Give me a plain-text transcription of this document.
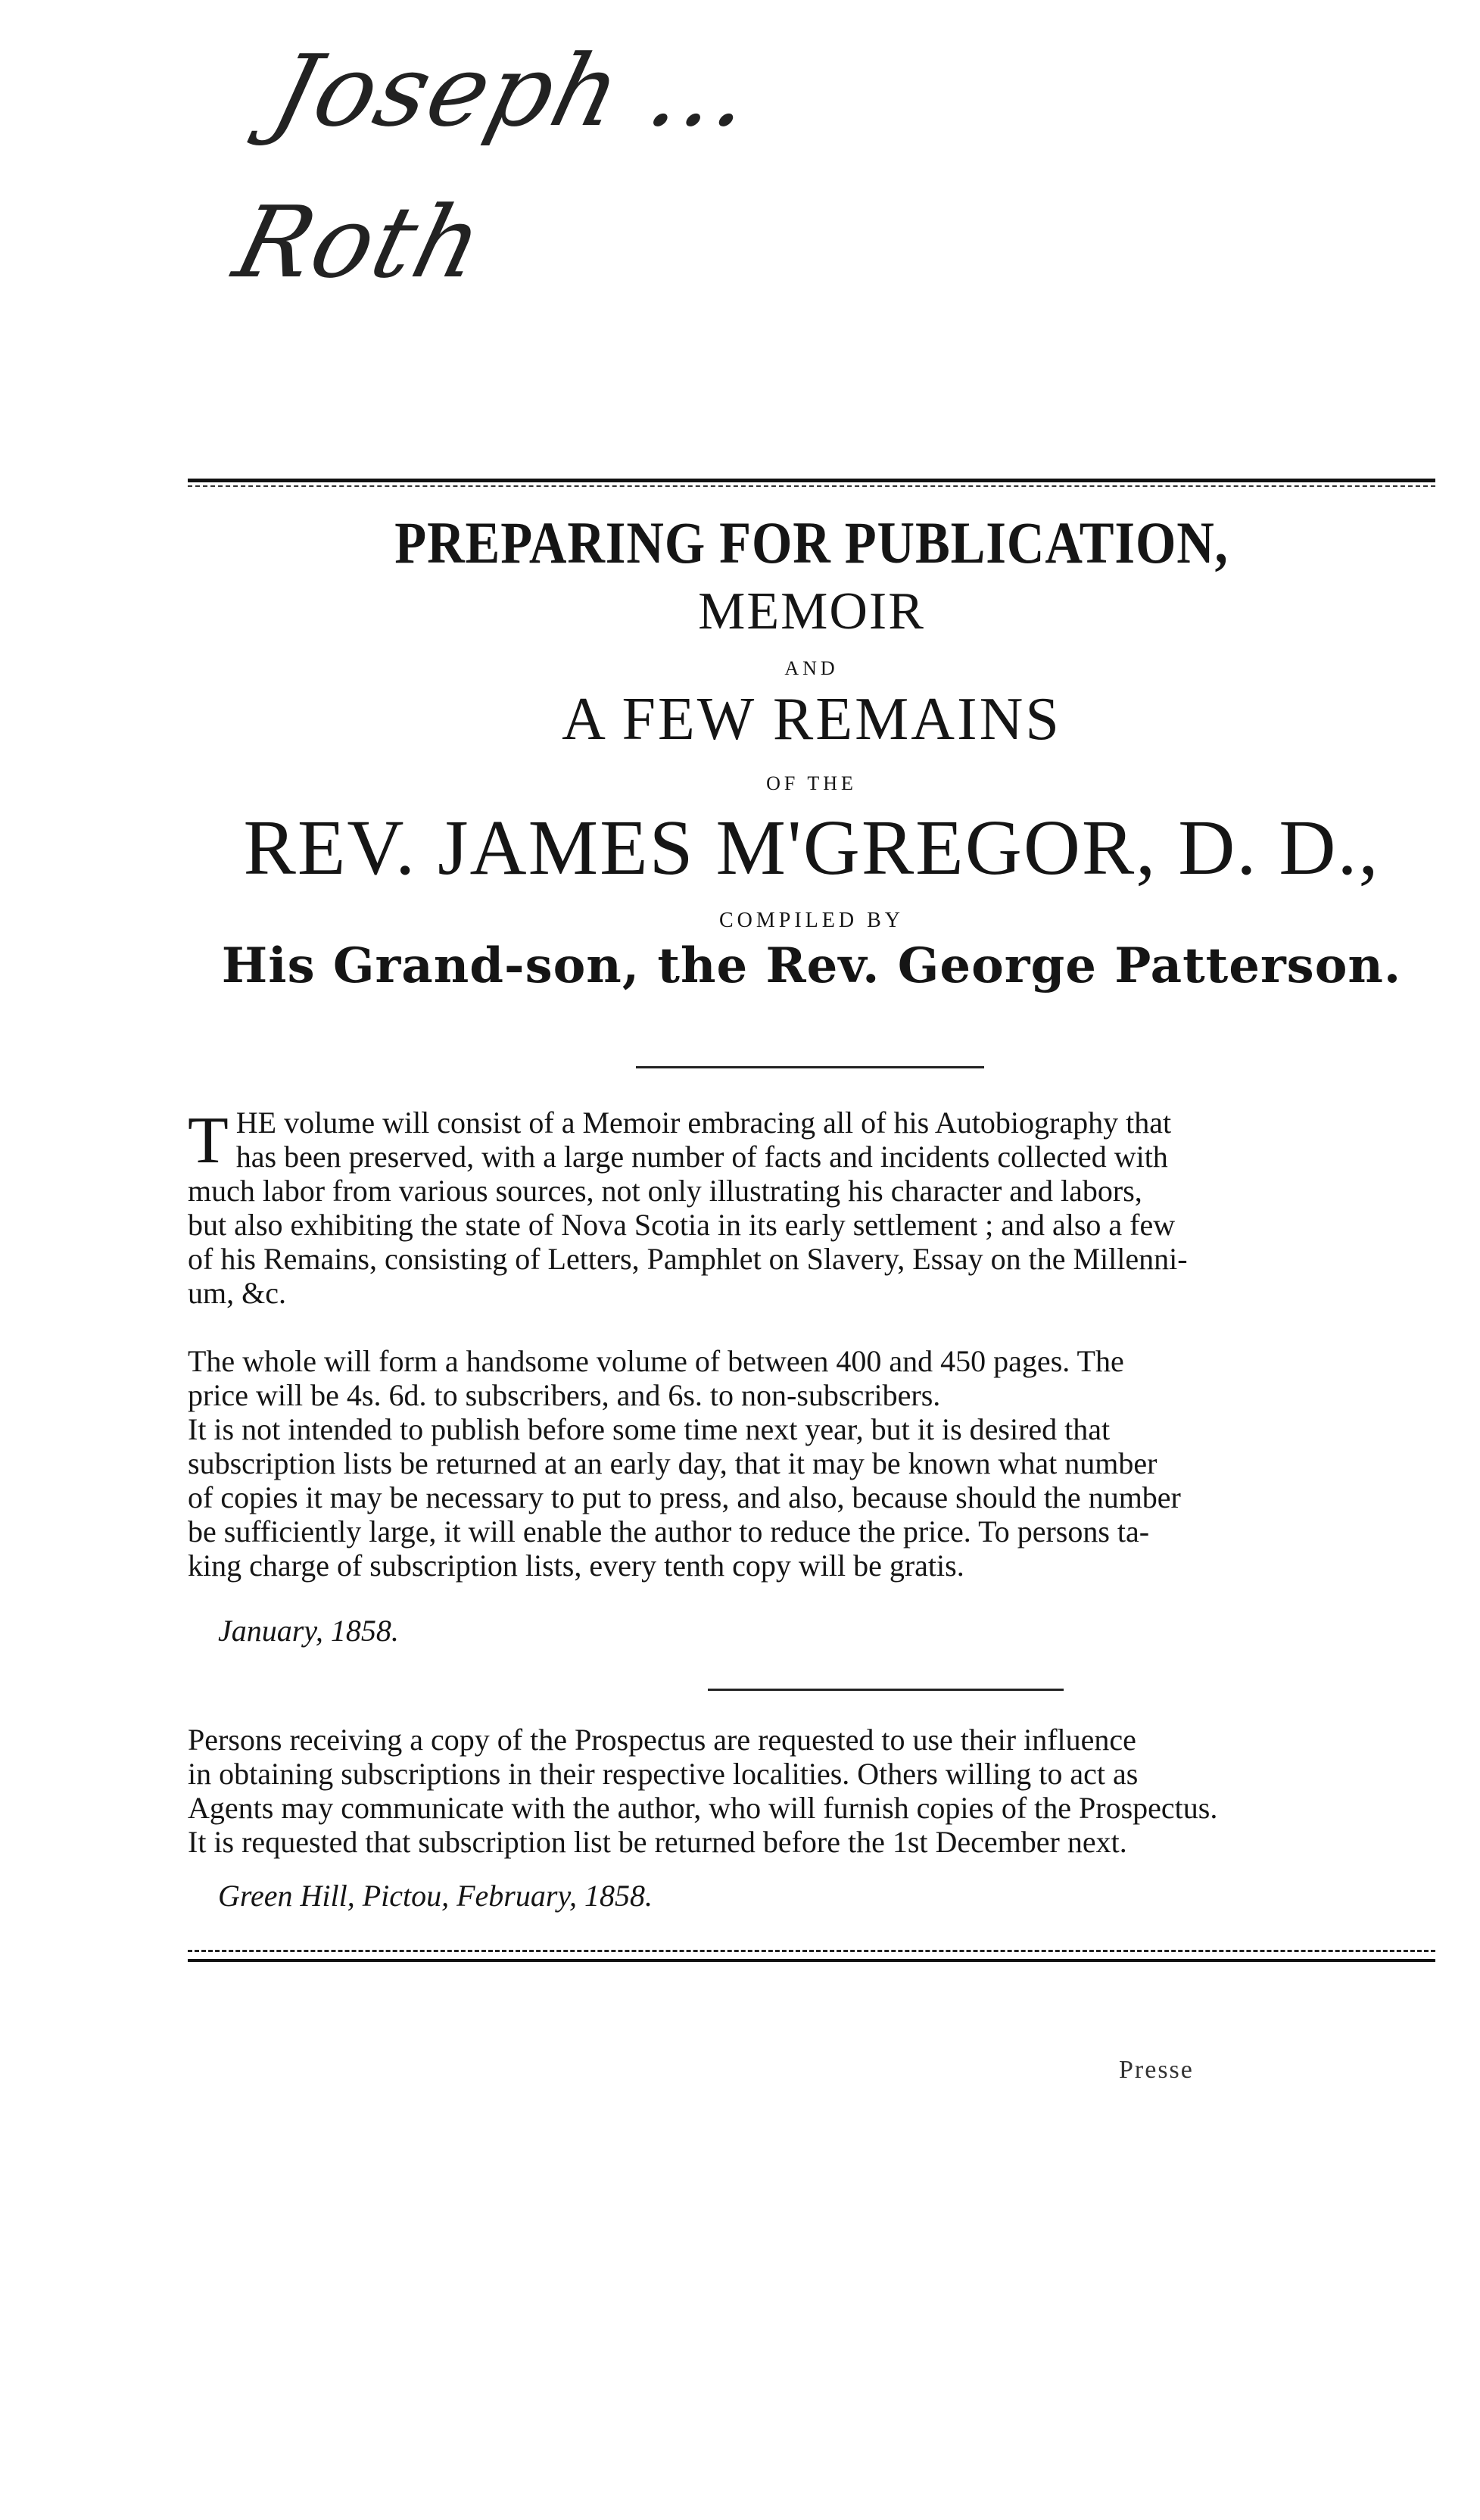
Joseph ... Roth
PREPARING FOR PUBLICATION,
MEMOIR
AND
A FEW REMAINS
OF THE
REV. JAMES M'GREGOR, D. D.,
COMPILED BY
His Grand-son, the Rev. George Patterson.
THE volume will consist of a Memoir embracing all of his Autobiography that
has been preserved, with a large number of facts and incidents collected with
much labor from various sources, not only illustrating his character and labors,
but also exhibiting the state of Nova Scotia in its early settlement ; and also a few
of his Remains, consisting of Letters, Pamphlet on Slavery, Essay on the Millenni-
um, &c.
The whole will form a handsome volume of between 400 and 450 pages. The
price will be 4s. 6d. to subscribers, and 6s. to non-subscribers.
It is not intended to publish before some time next year, but it is desired that
subscription lists be returned at an early day, that it may be known what number
of copies it may be necessary to put to press, and also, because should the number
be sufficiently large, it will enable the author to reduce the price. To persons ta-
king charge of subscription lists, every tenth copy will be gratis.
January, 1858.
Persons receiving a copy of the Prospectus are requested to use their influence
in obtaining subscriptions in their respective localities. Others willing to act as
Agents may communicate with the author, who will furnish copies of the Prospectus.
It is requested that subscription list be returned before the 1st December next.
Green Hill, Pictou, February, 1858.
Presse
